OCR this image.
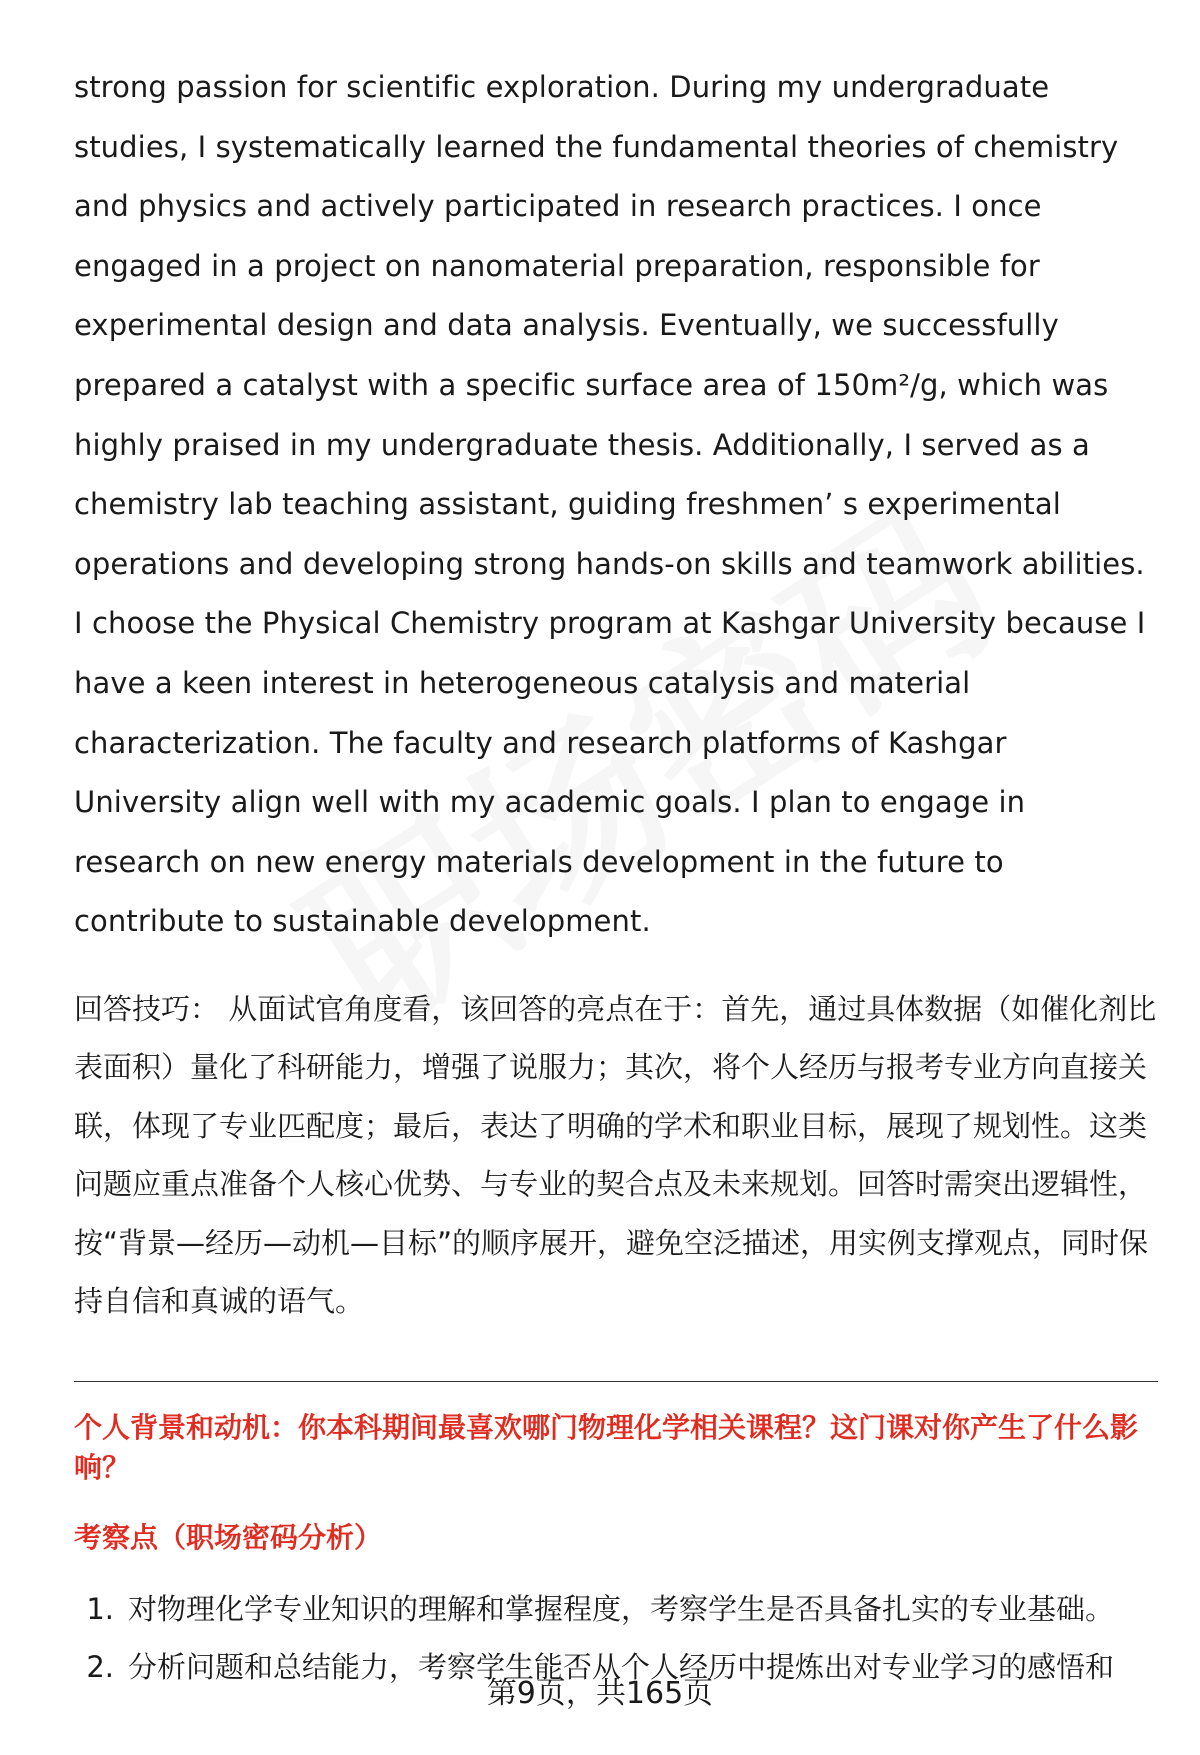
strong passion for scientific exploration. During my undergraduate studies, I systematically learned the fundamental theories of chemistry and physics and actively participated in research practices. I once engaged in a project on nanomaterial preparation, responsible for experimental design and data analysis. Eventually, we successfully prepared a catalyst with a specific surface area of 150m²/g, which was highly praised in my undergraduate thesis. Additionally, I served as a chemistry lab teaching assistant, guiding freshmen’ s experimental operations and developing strong hands-on skills and teamwork abilities. I choose the Physical Chemistry program at Kashgar University because I have a keen interest in heterogeneous catalysis and material characterization. The faculty and research platforms of Kashgar University align well with my academic goals. I plan to engage in research on new energy materials development in the future to contribute to sustainable development.

回答技巧： 从面试官角度看，该回答的亮点在于：首先，通过具体数据（如催化剂比表面积）量化了科研能力，增强了说服力；其次，将个人经历与报考专业方向直接关联，体现了专业匹配度；最后，表达了明确的学术和职业目标，展现了规划性。这类问题应重点准备个人核心优势、与专业的契合点及未来规划。回答时需突出逻辑性，按“背景—经历—动机—目标”的顺序展开，避免空泛描述，用实例支撑观点，同时保持自信和真诚的语气。

个人背景和动机：你本科期间最喜欢哪门物理化学相关课程？这门课对你产生了什么影响？
考察点（职场密码分析）
1. 对物理化学专业知识的理解和掌握程度，考察学生是否具备扎实的专业基础。
2. 分析问题和总结能力，考察学生能否从个人经历中提炼出对专业学习的感悟和
第9页，共165页
